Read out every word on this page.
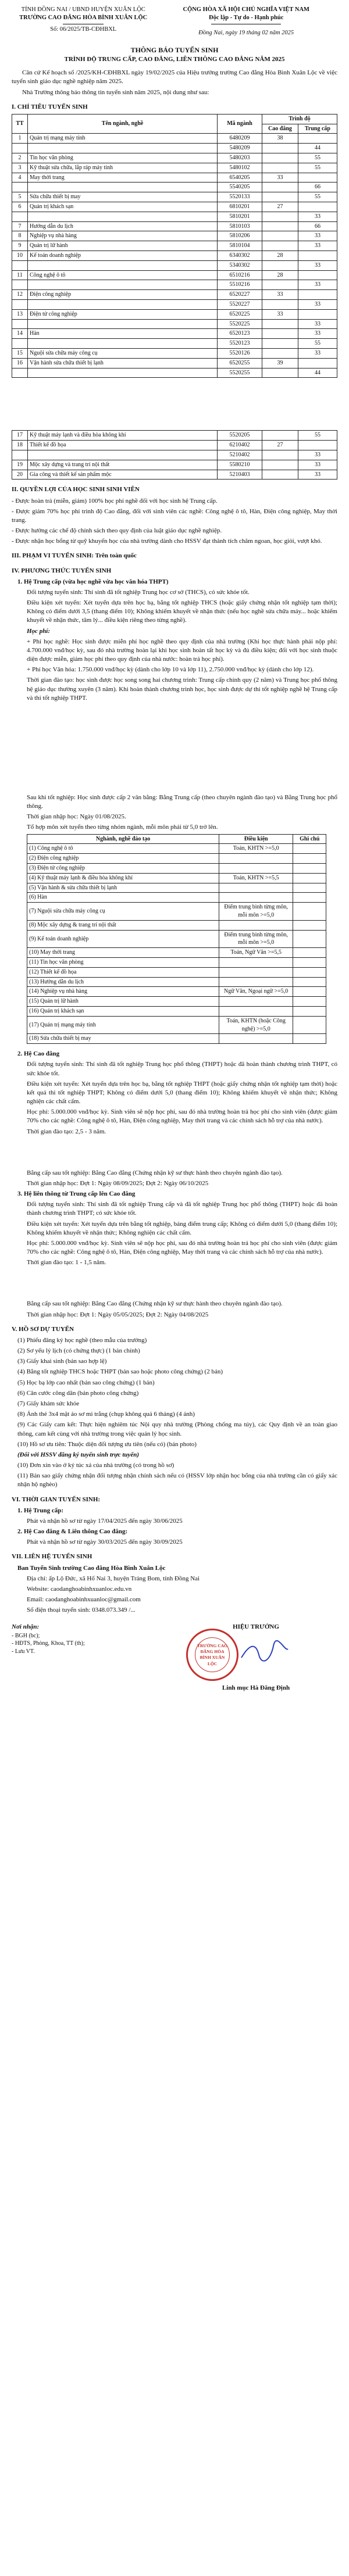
TỈNH ĐỒNG NAI / UBND HUYỆN XUÂN LỘC
TRƯỜNG CAO ĐẲNG HÒA BÌNH XUÂN LỘC
Số: 06/2025/TB-CĐHBXL
CỘNG HÒA XÃ HỘI CHỦ NGHĨA VIỆT NAM
Độc lập - Tự do - Hạnh phúc
Đồng Nai, ngày 19 tháng 02 năm 2025
THÔNG BÁO TUYỂN SINH
TRÌNH ĐỘ TRUNG CẤP, CAO ĐẲNG, LIÊN THÔNG CAO ĐẲNG NĂM 2025

Căn cứ Kế hoạch số /2025/KH-CĐHBXL ngày 19/02/2025 của Hiệu trưởng trường Cao đẳng Hòa Bình Xuân Lộc về việc tuyển sinh giáo dục nghề nghiệp năm 2025.

Nhà Trường thông báo thông tin tuyển sinh năm 2025, nội dung như sau:

I. CHỈ TIÊU TUYỂN SINH
TT	Tên ngành, nghề	Mã ngành	Trình độ	
			Cao đẳng	Trung cấp
1	Quản trị mạng máy tính	6480209	38	
		5480209		44
2	Tin học văn phòng	5480203		55
3	Kỹ thuật sửa chữa, lắp ráp máy tính	5480102		55
4	May thời trang	6540205	33	
		5540205		66
5	Sửa chữa thiết bị may	5520133		55
6	Quản trị khách sạn	6810201	27	
		5810201		33
7	Hướng dẫn du lịch	5810103		66
8	Nghiệp vụ nhà hàng	5810206		33
9	Quản trị lữ hành	5810104		33
10	Kế toán doanh nghiệp	6340302	28	
		5340302		33
11	Công nghệ ô tô	6510216	28	
		5510216		33
12	Điện công nghiệp	6520227	33	
		5520227		33
13	Điện tử công nghiệp	6520225	33	
		5520225		33
14	Hàn	6520123		33
		5520123		55
15	Nguội sửa chữa máy công cụ	5520126		33
16	Vận hành sửa chữa thiết bị lạnh	6520255	39	
		5520255		44
17	Kỹ thuật máy lạnh và điều hòa không khí	5520205		55
18	Thiết kế đồ họa	6210402	27	
		5210402		33
19	Mộc xây dựng và trang trí nội thất	5580210		33
20	Gia công và thiết kế sản phẩm mộc	5210403		33
II. QUYỀN LỢI CỦA HỌC SINH SINH VIÊN

- Được hoàn trả (miễn, giảm) 100% học phí nghề đối với học sinh hệ Trung cấp.

- Được giảm 70% học phí trình độ Cao đẳng, đối với sinh viên các nghề: Công nghệ ô tô, Hàn, Điện công nghiệp, May thời trang.

- Được hưởng các chế độ chính sách theo quy định của luật giáo dục nghề nghiệp.

- Được nhận học bổng từ quỹ khuyến học của nhà trường dành cho HSSV đạt thành tích chăm ngoan, học giỏi, vượt khó.

III. PHẠM VI TUYỂN SINH: Trên toàn quốc
IV. PHƯƠNG THỨC TUYỂN SINH

1. Hệ Trung cấp (vừa học nghề vừa học văn hóa THPT)

Đối tượng tuyển sinh: Thí sinh đã tốt nghiệp Trung học cơ sở (THCS), có sức khỏe tốt.

Điều kiện xét tuyển: Xét tuyển dựa trên học bạ, bằng tốt nghiệp THCS (hoặc giấy chứng nhận tốt nghiệp tạm thời); Không có điểm dưới 3,5 (thang điểm 10); Không khiếm khuyết về nhận thức (nếu học nghề sửa chữa máy... hoặc khiếm khuyết về nhận thức, tâm lý... điều kiện riêng theo từng nghề).

Học phí:

+ Phí học nghề: Học sinh được miễn phí học nghề theo quy định của nhà trường (Khi học thực hành phải nộp phí: 4.700.000 vnđ/học kỳ, sau đó nhà trường hoàn lại khi học sinh hoàn tất học kỳ và đủ điều kiện; đối với học sinh thuộc diện được miễn, giảm học phí theo quy định của nhà nước: hoàn trả học phí).

+ Phí học Văn hóa: 1.750.000 vnđ/học kỳ (dành cho lớp 10 và lớp 11), 2.750.000 vnđ/học kỳ (dành cho lớp 12).

Thời gian đào tạo: học sinh được học song song hai chương trình: Trung cấp chính quy (2 năm) và Trung học phổ thông hệ giáo dục thường xuyên (3 năm). Khi hoàn thành chương trình học, học sinh được dự thi tốt nghiệp nghề hệ Trung cấp và thi tốt nghiệp THPT.

Sau khi tốt nghiệp: Học sinh được cấp 2 văn bằng: Bằng Trung cấp (theo chuyên ngành đào tạo) và Bằng Trung học phổ thông.

Thời gian nhập học: Ngày 01/08/2025.

Tổ hợp môn xét tuyển theo từng nhóm ngành, mỗi môn phải từ 5,0 trở lên.

Nghành, nghề đào tạo	Điều kiện	Ghi chú
(1) Công nghệ ô tô	Toán, KHTN >=5,0	
(2) Điện công nghiệp		
(3) Điện tử công nghiệp		
(4) Kỹ thuật máy lạnh & điều hòa không khí	Toán, KHTN >=5,5	
(5) Vận hành & sửa chữa thiết bị lạnh		
(6) Hàn		
(7) Nguội sửa chữa máy công cụ	Điểm trung bình từng môn, mỗi môn >=5,0	
(8) Mộc xây dựng & trang trí nội thất		
(9) Kế toán doanh nghiệp	Điểm trung bình từng môn, mỗi môn >=5,0	
(10) May thời trang	Toán, Ngữ Văn >=5,5	
(11) Tin học văn phòng		
(12) Thiết kế đồ họa		
(13) Hướng dẫn du lịch		
(14) Nghiệp vụ nhà hàng	Ngữ Văn, Ngoại ngữ >=5,0	
(15) Quản trị lữ hành		
(16) Quản trị khách sạn		
(17) Quản trị mạng máy tính	Toán, KHTN (hoặc Công nghệ) >=5,0	
(18) Sửa chữa thiết bị may		

2. Hệ Cao đẳng

Đối tượng tuyển sinh: Thí sinh đã tốt nghiệp Trung học phổ thông (THPT) hoặc đã hoàn thành chương trình THPT, có sức khỏe tốt.

Điều kiện xét tuyển: Xét tuyển dựa trên học bạ, bằng tốt nghiệp THPT (hoặc giấy chứng nhận tốt nghiệp tạm thời) hoặc kết quả thi tốt nghiệp THPT; Không có điểm dưới 5,0 (thang điểm 10); Không khiếm khuyết về nhận thức; Không nghiện các chất cấm.

Học phí: 5.000.000 vnđ/học kỳ. Sinh viên sẽ nộp học phí, sau đó nhà trường hoàn trả học phí cho sinh viên (được giảm 70% cho các nghề: Công nghệ ô tô, Hàn, Điện công nghiệp, May thời trang và các chính sách hỗ trợ của nhà nước).

Thời gian đào tạo: 2,5 - 3 năm.

Bằng cấp sau tốt nghiệp: Bằng Cao đẳng (Chứng nhận kỹ sư thực hành theo chuyên ngành đào tạo).

Thời gian nhập học: Đợt 1: Ngày 08/09/2025; Đợt 2: Ngày 06/10/2025

3. Hệ liên thông từ Trung cấp lên Cao đẳng

Đối tượng tuyển sinh: Thí sinh đã tốt nghiệp Trung cấp và đã tốt nghiệp Trung học phổ thông (THPT) hoặc đã hoàn thành chương trình THPT; có sức khỏe tốt.

Điều kiện xét tuyển: Xét tuyển dựa trên bằng tốt nghiệp, bảng điểm trung cấp; Không có điểm dưới 5,0 (thang điểm 10); Không khiếm khuyết về nhận thức; Không nghiện các chất cấm.

Học phí: 5.000.000 vnđ/học kỳ. Sinh viên sẽ nộp học phí, sau đó nhà trường hoàn trả học phí cho sinh viên (được giảm 70% cho các nghề: Công nghệ ô tô, Hàn, Điện công nghiệp, May thời trang và các chính sách hỗ trợ của nhà nước).

Thời gian đào tạo: 1 - 1,5 năm.

Bằng cấp sau tốt nghiệp: Bằng Cao đẳng (Chứng nhận kỹ sư thực hành theo chuyên ngành đào tạo).

Thời gian nhập học: Đợt 1: Ngày 05/05/2025; Đợt 2: Ngày 04/08/2025

V. HỒ SƠ DỰ TUYỂN

(1) Phiếu đăng ký học nghề (theo mẫu của trường)

(2) Sơ yếu lý lịch (có chứng thực) (1 bản chính)

(3) Giấy khai sinh (bản sao hợp lệ)

(4) Bằng tốt nghiệp THCS hoặc THPT (bản sao hoặc photo công chứng) (2 bản)

(5) Học bạ lớp cao nhất (bản sao công chứng) (1 bản)

(6) Căn cước công dân (bản photo công chứng)

(7) Giấy khám sức khỏe

(8) Ảnh thẻ 3x4 mặt áo sơ mi trắng (chụp không quá 6 tháng) (4 ảnh)

(9) Các Giấy cam kết: Thực hiện nghiêm túc Nội quy nhà trường (Phòng chống ma túy), các Quy định về an toàn giao thông, cam kết cùng với nhà trường trong việc quản lý học sinh.

(10) Hồ sơ ưu tiên: Thuộc diện đối tượng ưu tiên (nếu có) (bản photo)

(Đối với HSSV đăng ký tuyển sinh trực tuyến)

(10) Đơn xin vào ở ký túc xá của nhà trường (có trong hồ sơ)

(11) Bản sao giấy chứng nhận đối tượng nhận chính sách nếu có (HSSV lớp nhận học bổng của nhà trường cần có giấy xác nhận hộ nghèo)

VI. THỜI GIAN TUYỂN SINH:

1. Hệ Trung cấp:

Phát và nhận hồ sơ từ ngày 17/04/2025 đến ngày 30/06/2025

2. Hệ Cao đẳng & Liên thông Cao đẳng:

Phát và nhận hồ sơ từ ngày 30/03/2025 đến ngày 30/09/2025

VII. LIÊN HỆ TUYỂN SINH

Ban Tuyển Sinh trường Cao đẳng Hòa Bình Xuân Lộc

Địa chỉ: ấp Lộ Đức, xã Hố Nai 3, huyện Trảng Bom, tỉnh Đồng Nai

Website: caodanghoabinhxuanloc.edu.vn

Email: caodanghoabinhxuanloc@gmail.com

Số điện thoại tuyển sinh: 0348.073.349 /...

Nơi nhận:
- BGH (bc);
- HĐTS, Phòng, Khoa, TT (th);
- Lưu VT.
HIỆU TRƯỞNG
TRƯỜNG CAO ĐẲNG HÒA BÌNH XUÂN LỘC
Linh mục Hà Đăng Định
